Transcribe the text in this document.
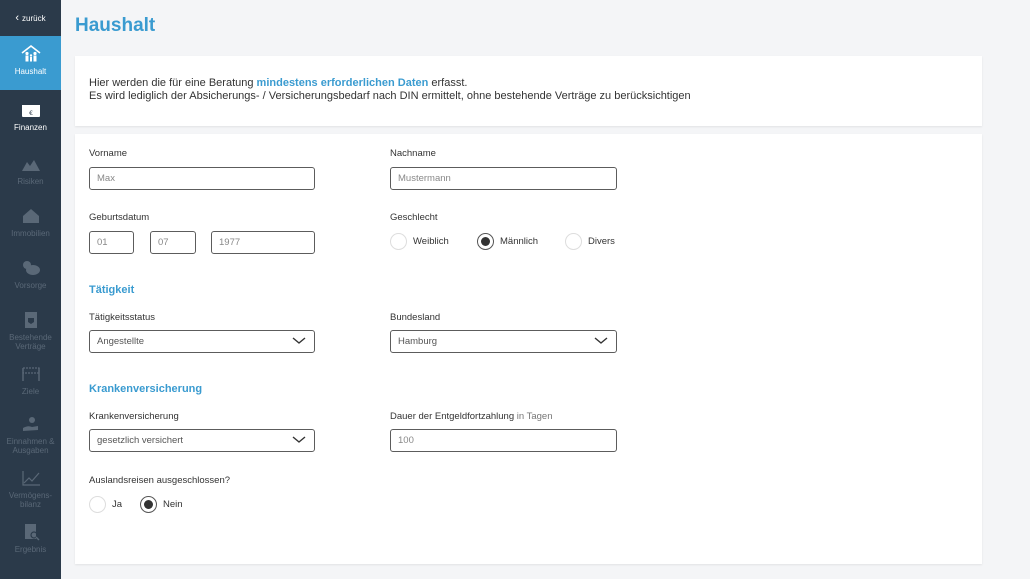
‹ zurück
Haushalt
€
Finanzen
Risiken
Immobilien
Vorsorge
Bestehende Verträge
Ziele
Einnahmen & Ausgaben
Vermögens-bilanz
Ergebnis
Haushalt
Hier werden die für eine Beratung mindestens erforderlichen Daten erfasst.
Es wird lediglich der Absicherungs- / Versicherungsbedarf nach DIN ermittelt, ohne bestehende Verträge zu berücksichtigen
Vorname
Max
Nachname
Mustermann
Geburtsdatum
01	07	1977
Geschlecht
Weiblich	Männlich	Divers
Tätigkeit
Tätigkeitsstatus
Angestellte
Bundesland
Hamburg
Krankenversicherung
Krankenversicherung
gesetzlich versichert
Dauer der Entgeldfortzahlung in Tagen
100
Auslandsreisen ausgeschlossen?
Ja	Nein
